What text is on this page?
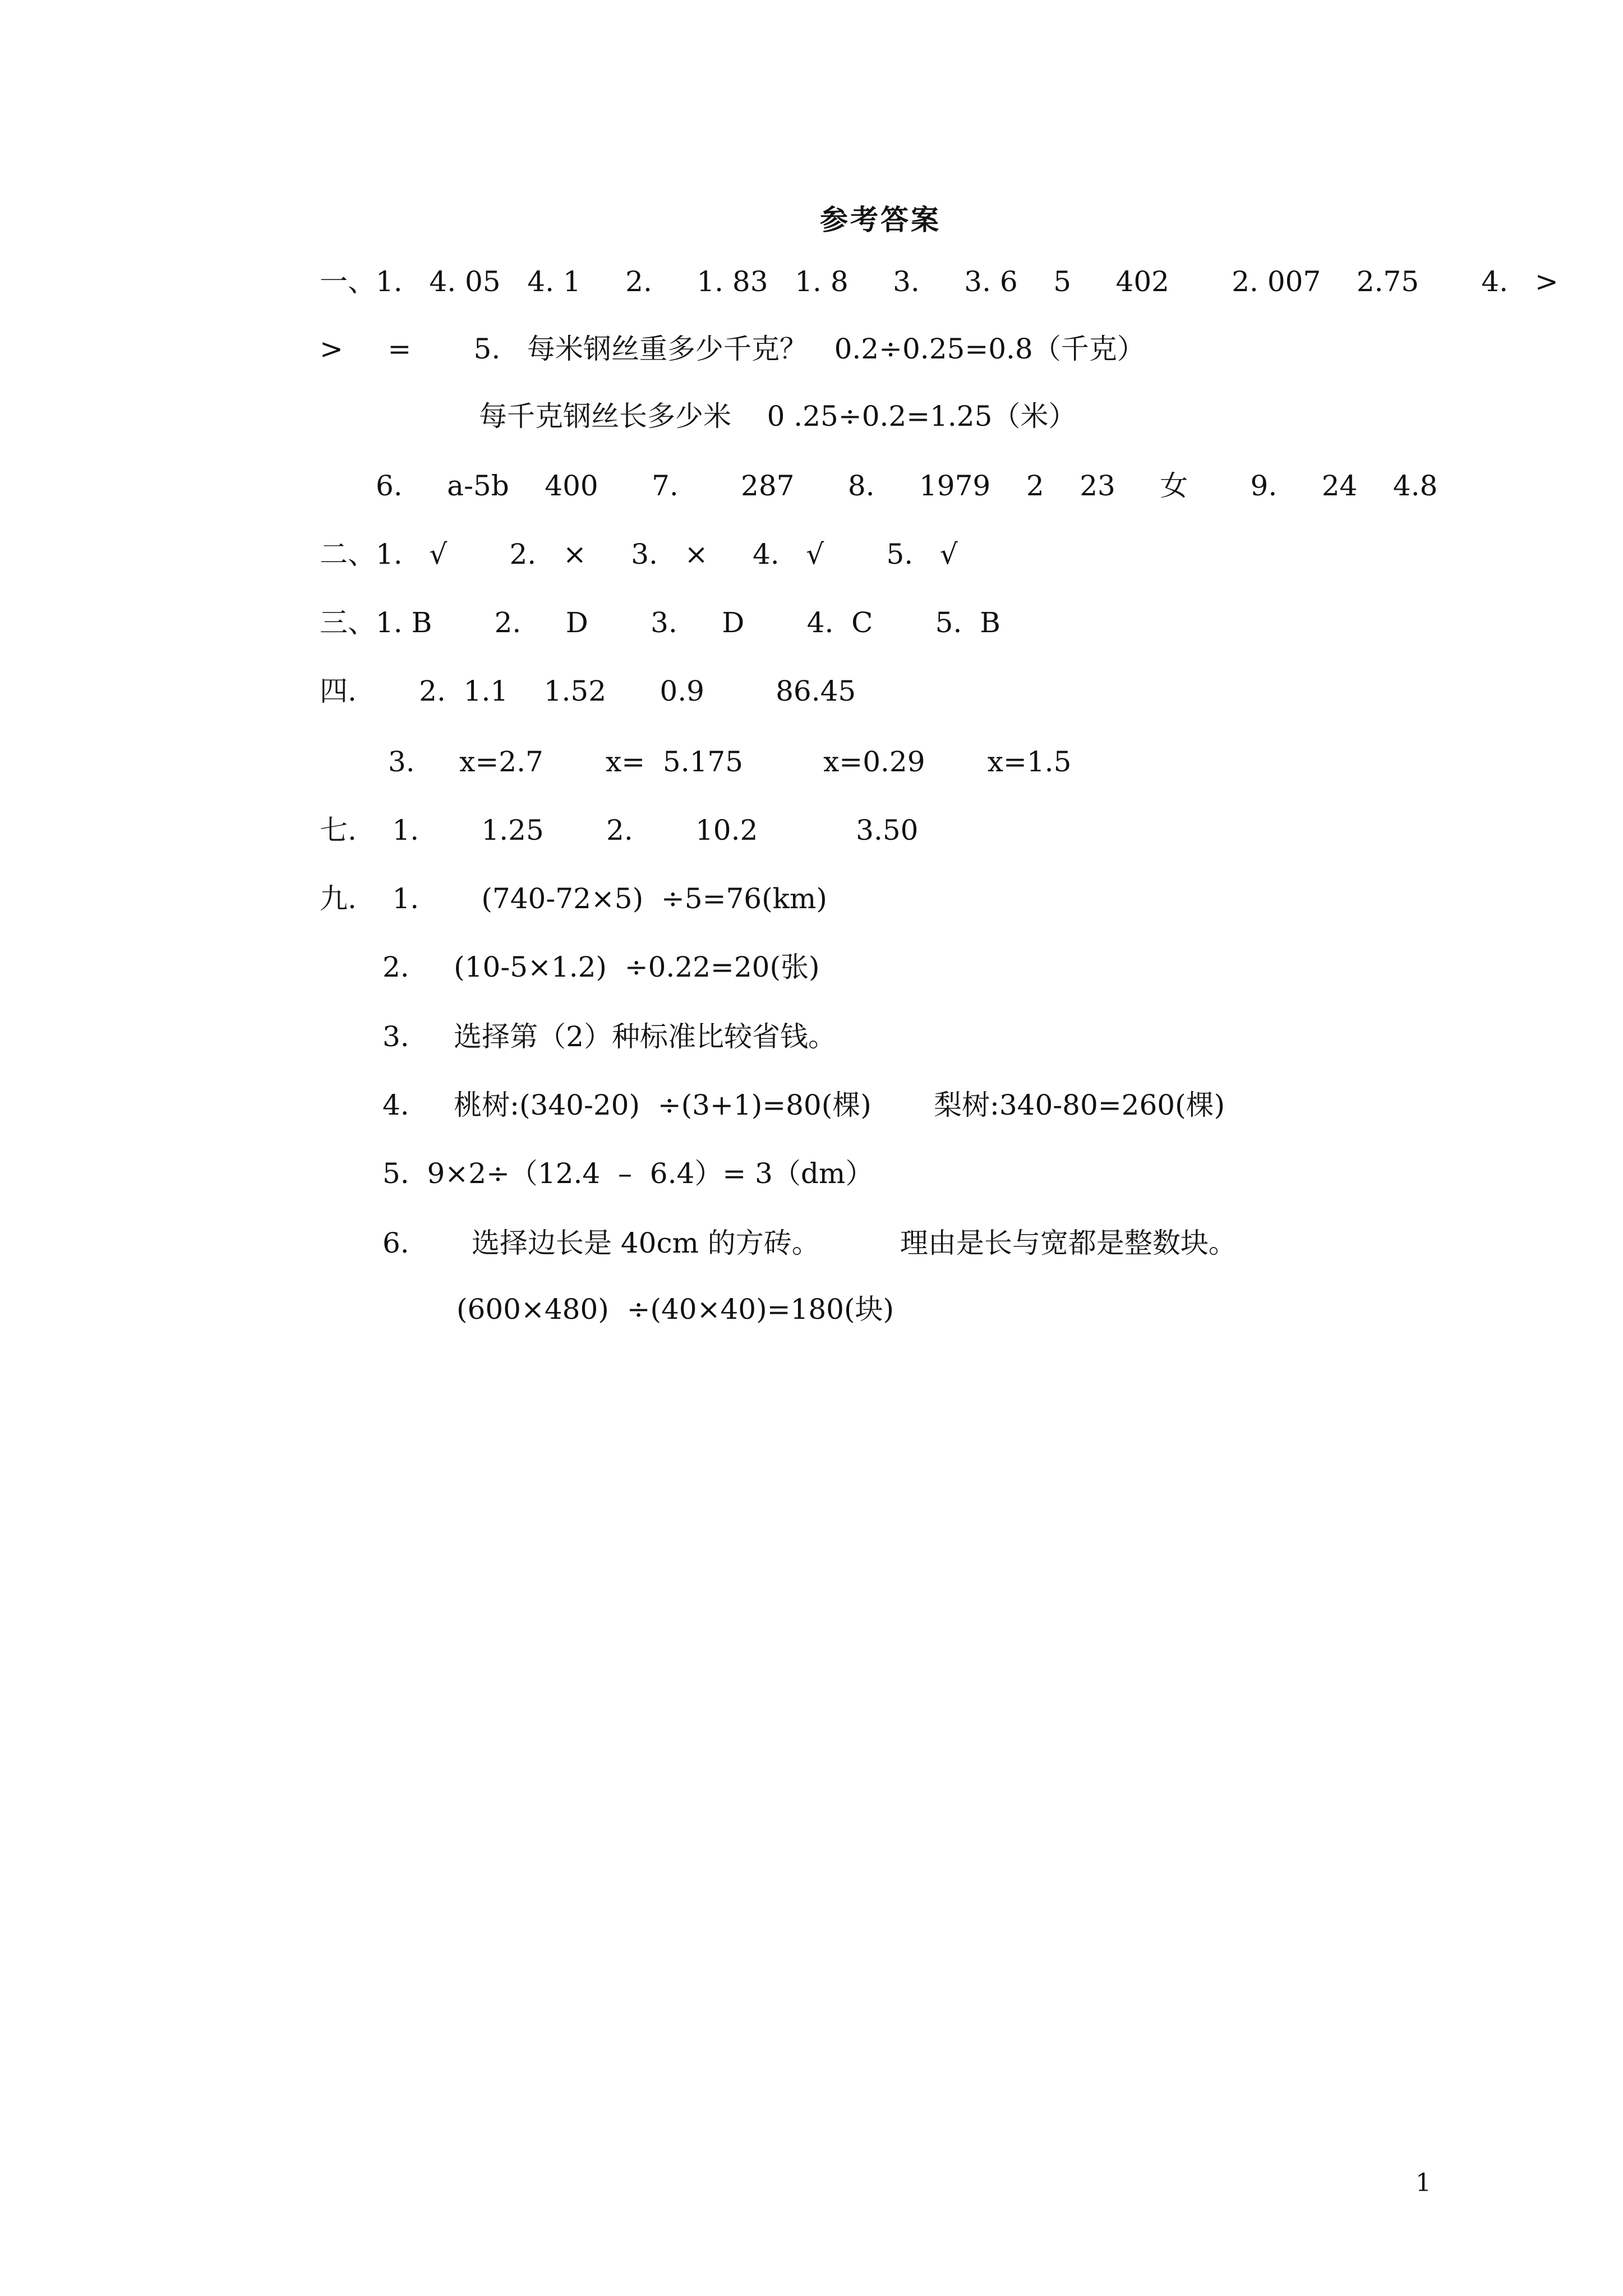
参考答案
一、1.   4. 05   4. 1     2.     1. 83   1. 8     3.     3. 6    5     402       2. 007    2.75       4.   >
>     =       5.   每米钢丝重多少千克？   0.2÷0.25=0.8（千克）
每千克钢丝长多少米    0 .25÷0.2=1.25（米）
6.     a-5b    400      7.       287      8.     1979    2    23     女       9.     24    4.8
二、1.   √       2.   ×     3.   ×     4.   √       5.   √
三、1. B       2.     D       3.     D       4.  C       5.  B
四.       2.  1.1    1.52      0.9        86.45
3.     x=2.7       x=  5.175         x=0.29       x=1.5
七.    1.       1.25       2.       10.2           3.50
九.    1.       (740-72×5)  ÷5=76(km)
2.     (10-5×1.2)  ÷0.22=20(张)
3.     选择第（2）种标准比较省钱。
4.     桃树:(340-20)  ÷(3+1)=80(棵)       梨树:340-80=260(棵)
5.  9×2÷（12.4  –  6.4）= 3（dm）
6.       选择边长是 40cm 的方砖。         理由是长与宽都是整数块。
(600×480)  ÷(40×40)=180(块)
1
